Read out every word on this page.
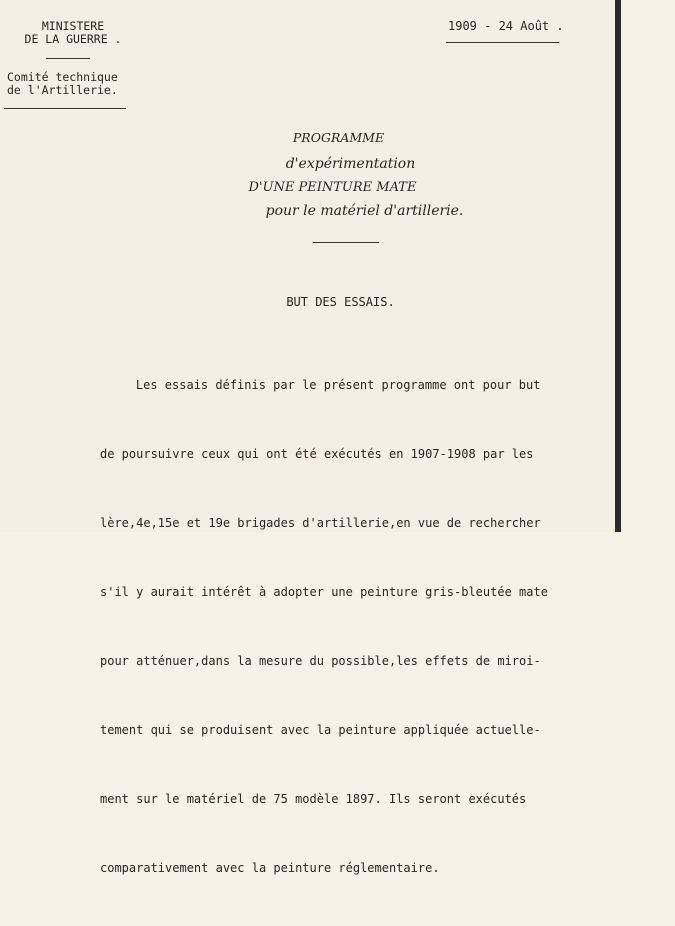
MINISTERE
DE LA GUERRE .
Comité technique
de l'Artillerie.
1909 - 24 Août .
PROGRAMME
d'expérimentation
D'UNE PEINTURE MATE
pour le matériel d'artillerie.
BUT DES ESSAIS.

Les essais définis par le présent programme ont pour but

de poursuivre ceux qui ont été exécutés en 1907-1908 par les

lère,4e,15e et 19e brigades d'artillerie,en vue de rechercher

s'il y aurait intérêt à adopter une peinture gris-bleutée mate

pour atténuer,dans la mesure du possible,les effets de miroi-

tement qui se produisent avec la peinture appliquée actuelle-

ment sur le matériel de 75 modèle 1897. Ils seront exécutés

comparativement avec la peinture réglementaire.
